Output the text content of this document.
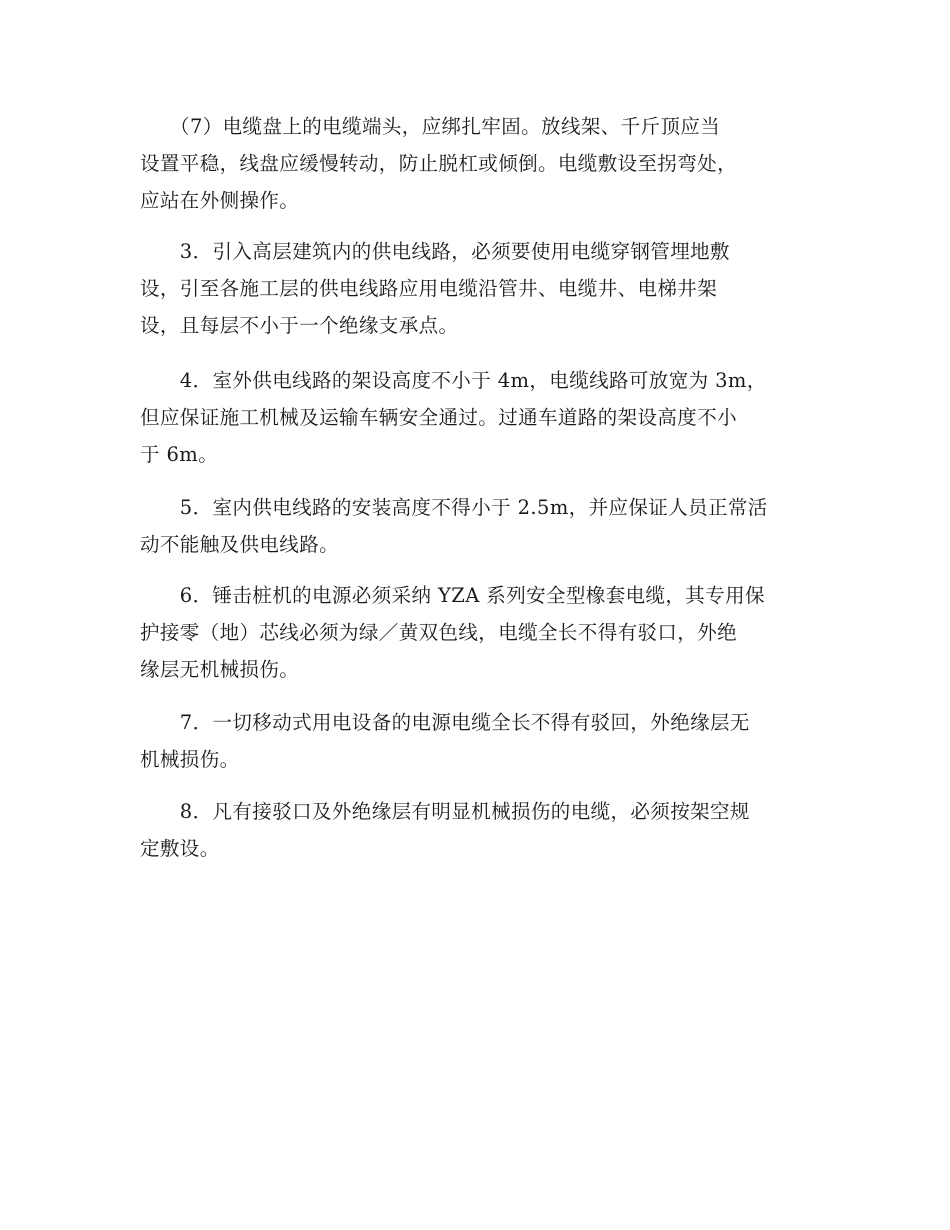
　　（7）电缆盘上的电缆端头，应绑扎牢固。放线架、千斤顶应当
设置平稳，线盘应缓慢转动，防止脱杠或倾倒。电缆敷设至拐弯处，
应站在外侧操作。
　　3．引入高层建筑内的供电线路，必须要使用电缆穿钢管埋地敷
设，引至各施工层的供电线路应用电缆沿管井、电缆井、电梯井架
设，且每层不小于一个绝缘支承点。
　　4．室外供电线路的架设高度不小于 4m，电缆线路可放宽为 3m，
但应保证施工机械及运输车辆安全通过。过通车道路的架设高度不小
于 6m。
　　5．室内供电线路的安装高度不得小于 2.5m，并应保证人员正常活
动不能触及供电线路。
　　6．锤击桩机的电源必须采纳 YZA 系列安全型橡套电缆，其专用保
护接零（地）芯线必须为绿／黄双色线，电缆全长不得有驳口，外绝
缘层无机械损伤。
　　7．一切移动式用电设备的电源电缆全长不得有驳回，外绝缘层无
机械损伤。
　　8．凡有接驳口及外绝缘层有明显机械损伤的电缆，必须按架空规
定敷设。
